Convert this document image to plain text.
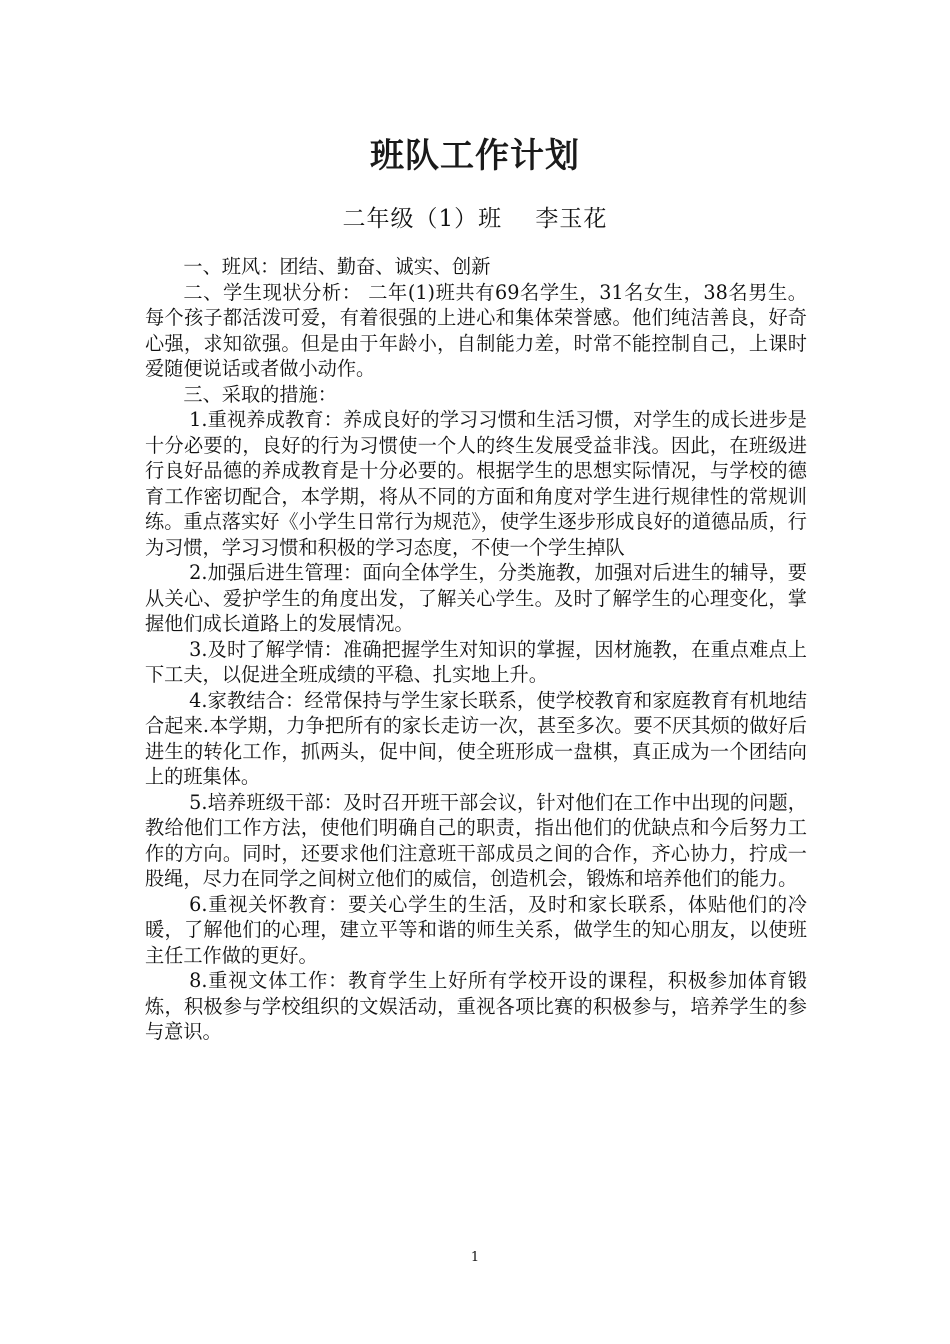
班队工作计划
二年级（1）班    李玉花

一、班风：团结、勤奋、诚实、创新

二、学生现状分析： 二年(1)班共有69名学生，31名女生，38名男生。每个孩子都活泼可爱，有着很强的上进心和集体荣誉感。他们纯洁善良，好奇心强，求知欲强。但是由于年龄小，自制能力差，时常不能控制自己，上课时爱随便说话或者做小动作。

三、采取的措施：

1.重视养成教育：养成良好的学习习惯和生活习惯，对学生的成长进步是十分必要的，良好的行为习惯使一个人的终生发展受益非浅。因此，在班级进行良好品德的养成教育是十分必要的。根据学生的思想实际情况，与学校的德育工作密切配合，本学期，将从不同的方面和角度对学生进行规律性的常规训练。重点落实好《小学生日常行为规范》，使学生逐步形成良好的道德品质，行为习惯，学习习惯和积极的学习态度，不使一个学生掉队

2.加强后进生管理：面向全体学生，分类施教，加强对后进生的辅导，要从关心、爱护学生的角度出发，了解关心学生。及时了解学生的心理变化，掌握他们成长道路上的发展情况。

3.及时了解学情：准确把握学生对知识的掌握，因材施教，在重点难点上下工夫，以促进全班成绩的平稳、扎实地上升。

4.家教结合：经常保持与学生家长联系，使学校教育和家庭教育有机地结合起来.本学期，力争把所有的家长走访一次，甚至多次。要不厌其烦的做好后进生的转化工作，抓两头，促中间，使全班形成一盘棋，真正成为一个团结向上的班集体。

5.培养班级干部：及时召开班干部会议，针对他们在工作中出现的问题，教给他们工作方法，使他们明确自己的职责，指出他们的优缺点和今后努力工作的方向。同时，还要求他们注意班干部成员之间的合作，齐心协力，拧成一股绳，尽力在同学之间树立他们的威信，创造机会，锻炼和培养他们的能力。

6.重视关怀教育：要关心学生的生活，及时和家长联系，体贴他们的冷暖，了解他们的心理，建立平等和谐的师生关系，做学生的知心朋友，以使班主任工作做的更好。

8.重视文体工作：教育学生上好所有学校开设的课程，积极参加体育锻炼，积极参与学校组织的文娱活动，重视各项比赛的积极参与，培养学生的参与意识。

1
